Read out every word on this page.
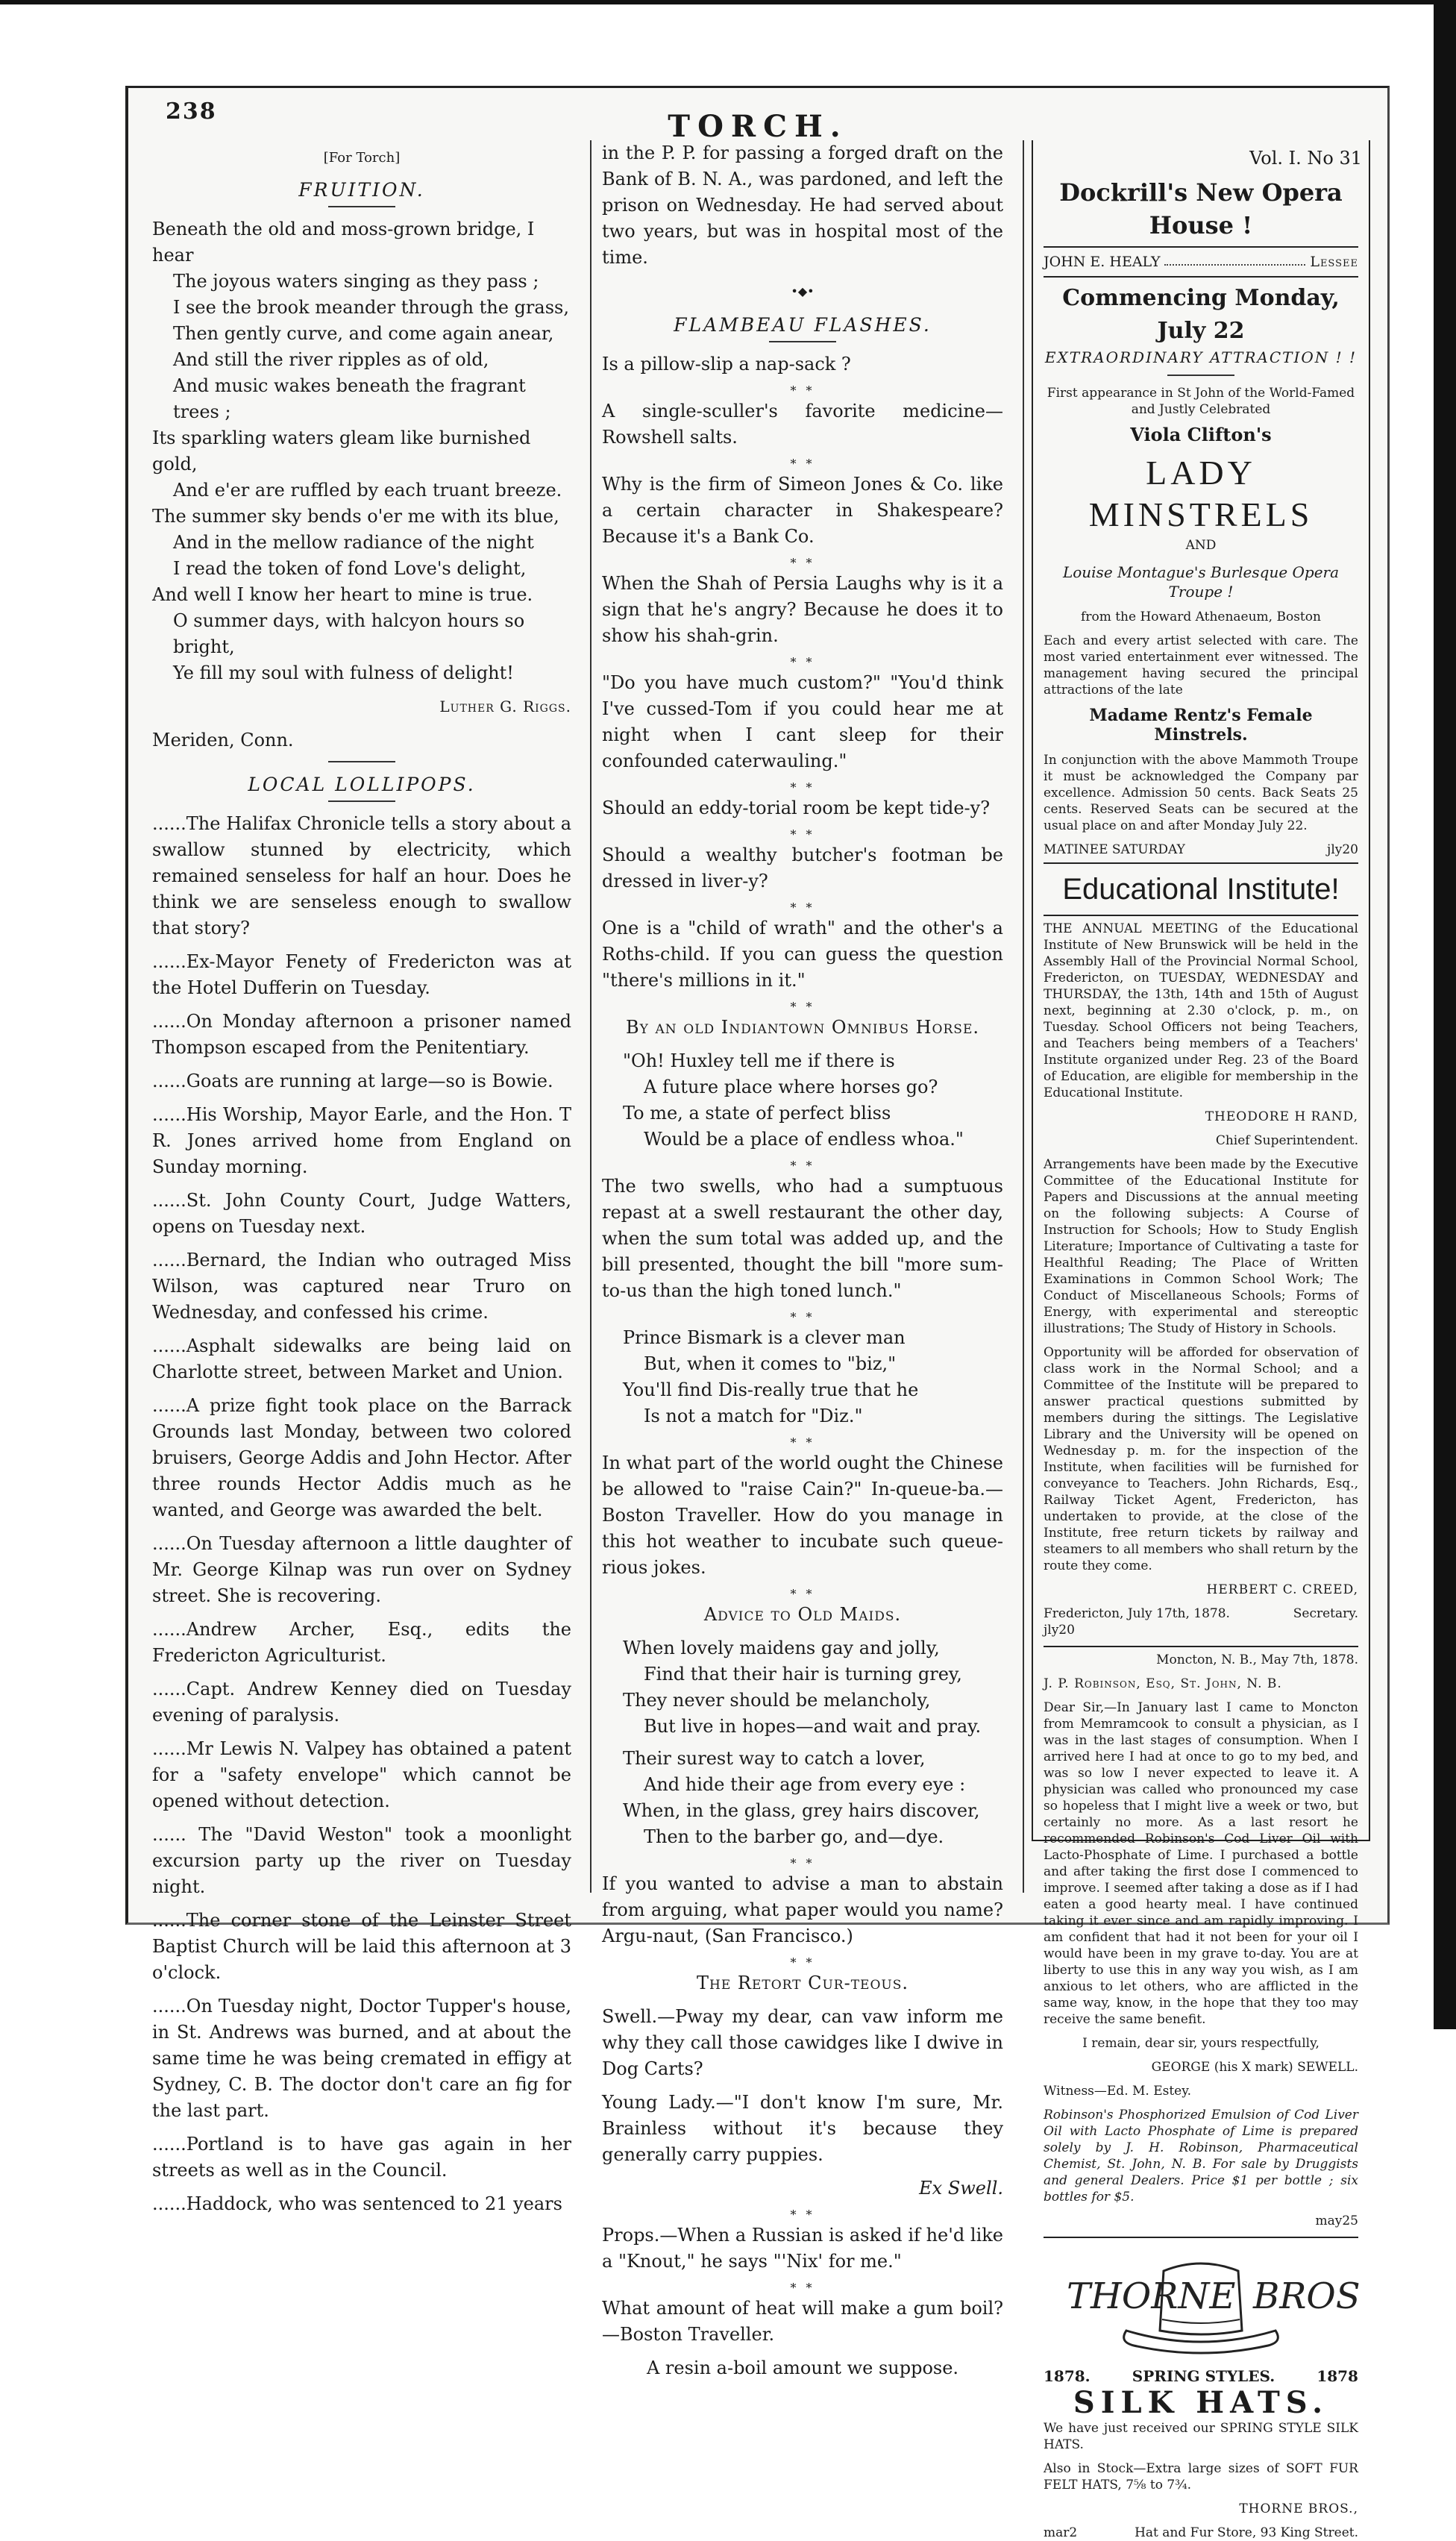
238	TORCH.
Vol. I. No 31

[For Torch]

FRUITION.

Beneath the old and moss-grown bridge, I hear

The joyous waters singing as they pass ;

I see the brook meander through the grass,

Then gently curve, and come again anear,

And still the river ripples as of old,

And music wakes beneath the fragrant trees ;

Its sparkling waters gleam like burnished gold,

And e'er are ruffled by each truant breeze.

The summer sky bends o'er me with its blue,

And in the mellow radiance of the night

I read the token of fond Love's delight,

And well I know her heart to mine is true.

O summer days, with halcyon hours so bright,

Ye fill my soul with fulness of delight!

Luther G. Riggs.

Meriden, Conn.

LOCAL LOLLIPOPS.

......The Halifax Chronicle tells a story about a swallow stunned by electricity, which remained senseless for half an hour. Does he think we are senseless enough to swallow that story?

......Ex-Mayor Fenety of Fredericton was at the Hotel Dufferin on Tuesday.

......On Monday afternoon a prisoner named Thompson escaped from the Penitentiary.

......Goats are running at large—so is Bowie.

......His Worship, Mayor Earle, and the Hon. T R. Jones arrived home from England on Sunday morning.

......St. John County Court, Judge Watters, opens on Tuesday next.

......Bernard, the Indian who outraged Miss Wilson, was captured near Truro on Wednesday, and confessed his crime.

......Asphalt sidewalks are being laid on Charlotte street, between Market and Union.

......A prize fight took place on the Barrack Grounds last Monday, between two colored bruisers, George Addis and John Hector. After three rounds Hector Addis much as he wanted, and George was awarded the belt.

......On Tuesday afternoon a little daughter of Mr. George Kilnap was run over on Sydney street. She is recovering.

......Andrew Archer, Esq., edits the Fredericton Agriculturist.

......Capt. Andrew Kenney died on Tuesday evening of paralysis.

......Mr Lewis N. Valpey has obtained a patent for a "safety envelope" which cannot be opened without detection.

...... The "David Weston" took a moonlight excursion party up the river on Tuesday night.

......The corner stone of the Leinster Street Baptist Church will be laid this afternoon at 3 o'clock.

......On Tuesday night, Doctor Tupper's house, in St. Andrews was burned, and at about the same time he was being cremated in effigy at Sydney, C. B. The doctor don't care an fig for the last part.

......Portland is to have gas again in her streets as well as in the Council.

......Haddock, who was sentenced to 21 years

in the P. P. for passing a forged draft on the Bank of B. N. A., was pardoned, and left the prison on Wednesday. He had served about two years, but was in hospital most of the time.

•◆•
FLAMBEAU FLASHES.

Is a pillow-slip a nap-sack ?

* *

A single-sculler's favorite medicine—Rowshell salts.

* *

Why is the firm of Simeon Jones & Co. like a certain character in Shakespeare? Because it's a Bank Co.

* *

When the Shah of Persia Laughs why is it a sign that he's angry? Because he does it to show his shah-grin.

* *

"Do you have much custom?" "You'd think I've cussed-Tom if you could hear me at night when I cant sleep for their confounded caterwauling."

* *

Should an eddy-torial room be kept tide-y?

* *

Should a wealthy butcher's footman be dressed in liver-y?

* *

One is a "child of wrath" and the other's a Roths-child. If you can guess the question "there's millions in it."

* *

By an old Indiantown Omnibus Horse.

"Oh! Huxley tell me if there is

A future place where horses go?

To me, a state of perfect bliss

Would be a place of endless whoa."

* *

The two swells, who had a sumptuous repast at a swell restaurant the other day, when the sum total was added up, and the bill presented, thought the bill "more sum-to-us than the high toned lunch."

* *

Prince Bismark is a clever man

But, when it comes to "biz,"

You'll find Dis-really true that he

Is not a match for "Diz."

* *

In what part of the world ought the Chinese be allowed to "raise Cain?" In-queue-ba.—Boston Traveller. How do you manage in this hot weather to incubate such queue-rious jokes.

* *

Advice to Old Maids.

When lovely maidens gay and jolly,

Find that their hair is turning grey,

They never should be melancholy,

But live in hopes—and wait and pray.

Their surest way to catch a lover,

And hide their age from every eye :

When, in the glass, grey hairs discover,

Then to the barber go, and—dye.

* *

If you wanted to advise a man to abstain from arguing, what paper would you name? Argu-naut, (San Francisco.)

* *

The Retort Cur-teous.

Swell.—Pway my dear, can vaw inform me why they call those cawidges like I dwive in Dog Carts?

Young Lady.—"I don't know I'm sure, Mr. Brainless without it's because they generally carry puppies.

Ex Swell.

* *

Props.—When a Russian is asked if he'd like a "Knout," he says "'Nix' for me."

* *

What amount of heat will make a gum boil? —Boston Traveller.

A resin a-boil amount we suppose.

Dockrill's New Opera House !
JOHN E. HEALY	Lessee
Commencing Monday, July 22

EXTRAORDINARY ATTRACTION ! !

First appearance in St John of the World-Famed and Justly Celebrated

Viola Clifton's

LADY MINSTRELS

AND

Louise Montague's Burlesque Opera Troupe !

from the Howard Athenaeum, Boston

Each and every artist selected with care. The most varied entertainment ever witnessed. The management having secured the principal attractions of the late

Madame Rentz's Female Minstrels.

In conjunction with the above Mammoth Troupe it must be acknowledged the Company par excellence. Admission 50 cents. Back Seats 25 cents. Reserved Seats can be secured at the usual place on and after Monday July 22.

MATINEE SATURDAY	jly20
Educational Institute!

THE ANNUAL MEETING of the Educational Institute of New Brunswick will be held in the Assembly Hall of the Provincial Normal School, Fredericton, on TUESDAY, WEDNESDAY and THURSDAY, the 13th, 14th and 15th of August next, beginning at 2.30 o'clock, p. m., on Tuesday. School Officers not being Teachers, and Teachers being members of a Teachers' Institute organized under Reg. 23 of the Board of Education, are eligible for membership in the Educational Institute.

THEODORE H RAND,

Chief Superintendent.

Arrangements have been made by the Executive Committee of the Educational Institute for Papers and Discussions at the annual meeting on the following subjects: A Course of Instruction for Schools; How to Study English Literature; Importance of Cultivating a taste for Healthful Reading; The Place of Written Examinations in Common School Work; The Conduct of Miscellaneous Schools; Forms of Energy, with experimental and stereoptic illustrations; The Study of History in Schools.

Opportunity will be afforded for observation of class work in the Normal School; and a Committee of the Institute will be prepared to answer practical questions submitted by members during the sittings. The Legislative Library and the University will be opened on Wednesday p. m. for the inspection of the Institute, when facilities will be furnished for conveyance to Teachers. John Richards, Esq., Railway Ticket Agent, Fredericton, has undertaken to provide, at the close of the Institute, free return tickets by railway and steamers to all members who shall return by the route they come.

HERBERT C. CREED,

Fredericton, July 17th, 1878.	Secretary.

jly20

Moncton, N. B., May 7th, 1878.

J. P. Robinson, Esq, St. John, N. B.

Dear Sir,—In January last I came to Moncton from Memramcook to consult a physician, as I was in the last stages of consumption. When I arrived here I had at once to go to my bed, and was so low I never expected to leave it. A physician was called who pronounced my case so hopeless that I might live a week or two, but certainly no more. As a last resort he recommended Robinson's Cod Liver Oil with Lacto-Phosphate of Lime. I purchased a bottle and after taking the first dose I commenced to improve. I seemed after taking a dose as if I had eaten a good hearty meal. I have continued taking it ever since and am rapidly improving. I am confident that had it not been for your oil I would have been in my grave to-day. You are at liberty to use this in any way you wish, as I am anxious to let others, who are afflicted in the same way, know, in the hope that they too may receive the same benefit.

I remain, dear sir, yours respectfully,

GEORGE (his X mark) SEWELL.

Witness—Ed. M. Estey.

Robinson's Phosphorized Emulsion of Cod Liver Oil with Lacto Phosphate of Lime is prepared solely by J. H. Robinson, Pharmaceutical Chemist, St. John, N. B. For sale by Druggists and general Dealers. Price $1 per bottle ; six bottles for $5.

may25

THORNE BROS
1878.	SPRING STYLES.	1878
SILK HATS.

We have just received our SPRING STYLE SILK HATS.

Also in Stock—Extra large sizes of SOFT FUR FELT HATS, 7⅝ to 7¾.

THORNE BROS.,

mar2	Hat and Fur Store, 93 King Street.
